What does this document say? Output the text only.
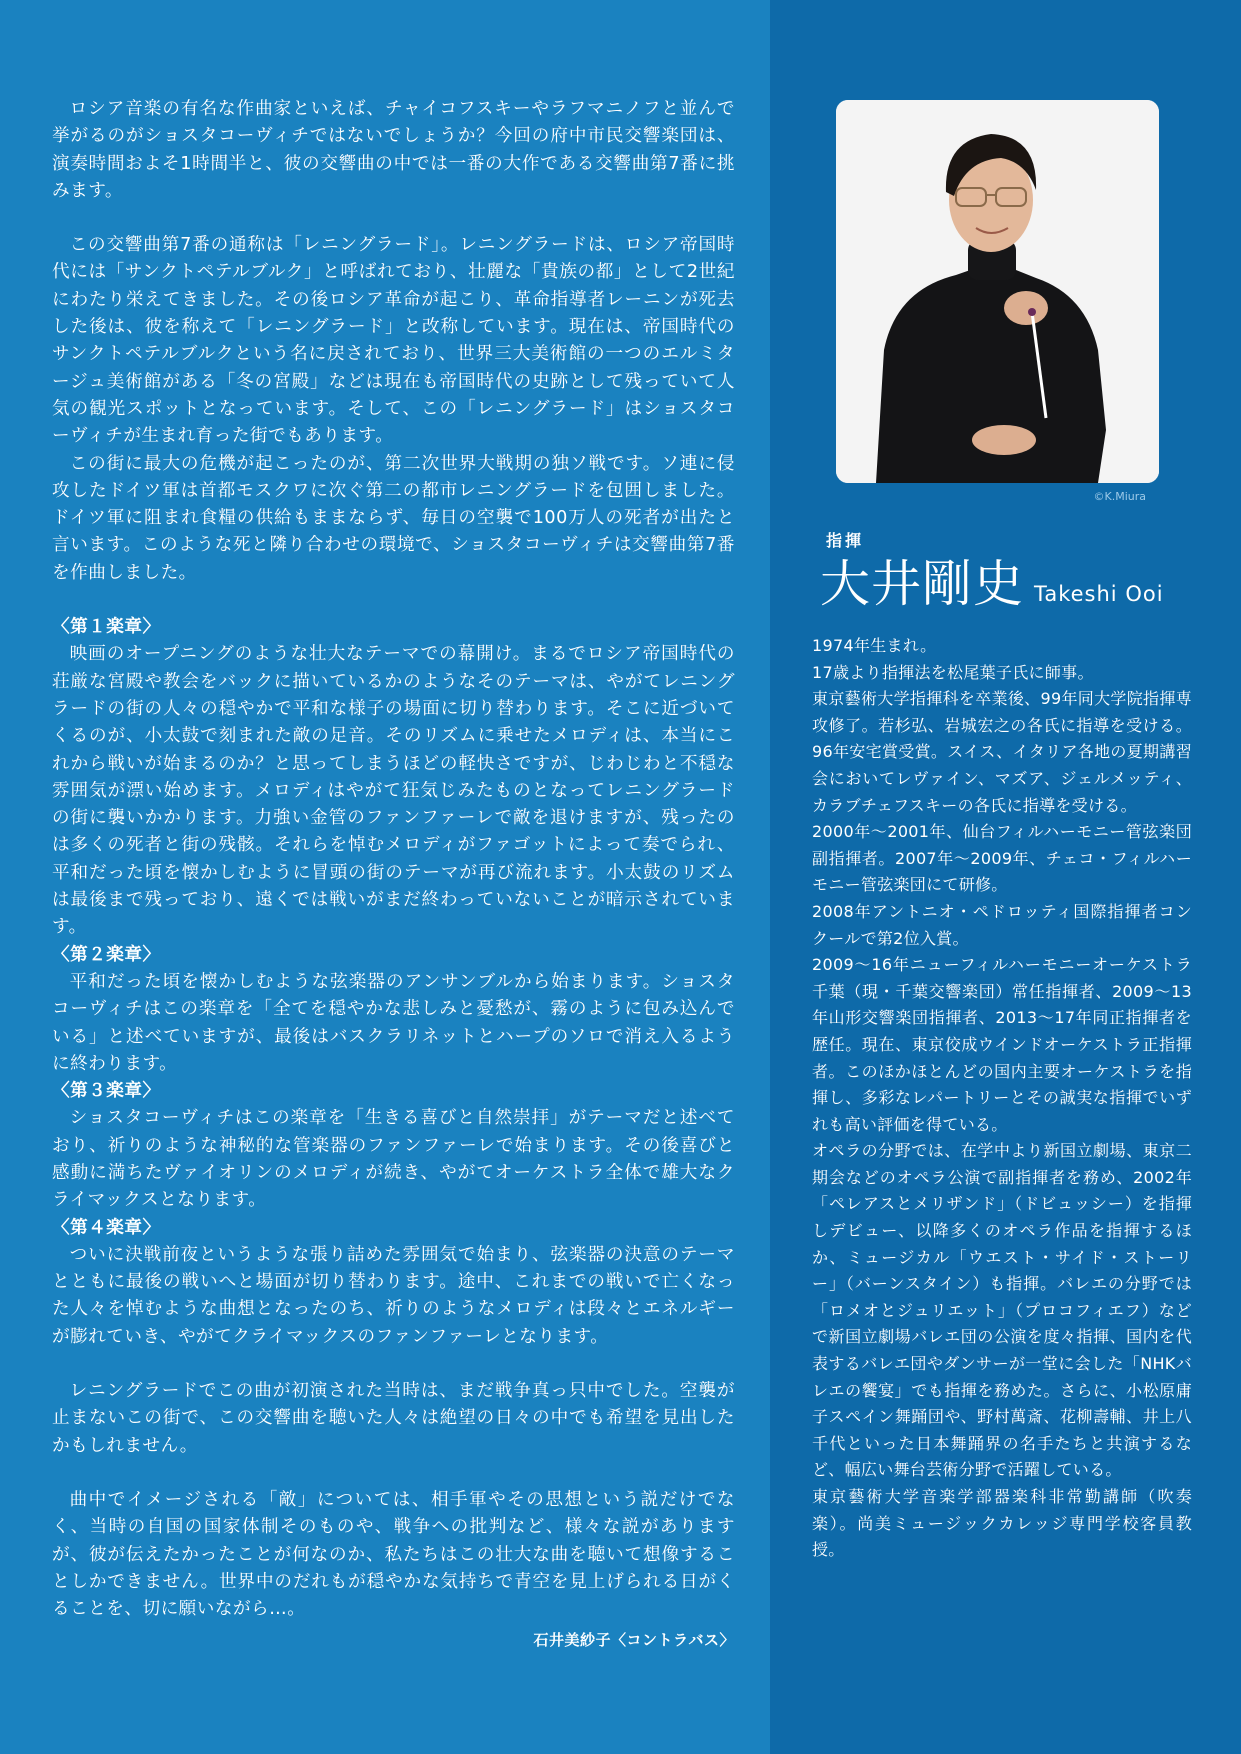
ロシア音楽の有名な作曲家といえば、チャイコフスキーやラフマニノフと並んで挙がるのがショスタコーヴィチではないでしょうか？今回の府中市民交響楽団は、演奏時間およそ1時間半と、彼の交響曲の中では一番の大作である交響曲第7番に挑みます。

この交響曲第7番の通称は「レニングラード」。レニングラードは、ロシア帝国時代には「サンクトペテルブルク」と呼ばれており、壮麗な「貴族の都」として2世紀にわたり栄えてきました。その後ロシア革命が起こり、革命指導者レーニンが死去した後は、彼を称えて「レニングラード」と改称しています。現在は、帝国時代のサンクトペテルブルクという名に戻されており、世界三大美術館の一つのエルミタージュ美術館がある「冬の宮殿」などは現在も帝国時代の史跡として残っていて人気の観光スポットとなっています。そして、この「レニングラード」はショスタコーヴィチが生まれ育った街でもあります。

この街に最大の危機が起こったのが、第二次世界大戦期の独ソ戦です。ソ連に侵攻したドイツ軍は首都モスクワに次ぐ第二の都市レニングラードを包囲しました。ドイツ軍に阻まれ食糧の供給もままならず、毎日の空襲で100万人の死者が出たと言います。このような死と隣り合わせの環境で、ショスタコーヴィチは交響曲第7番を作曲しました。

〈第１楽章〉

映画のオープニングのような壮大なテーマでの幕開け。まるでロシア帝国時代の荘厳な宮殿や教会をバックに描いているかのようなそのテーマは、やがてレニングラードの街の人々の穏やかで平和な様子の場面に切り替わります。そこに近づいてくるのが、小太鼓で刻まれた敵の足音。そのリズムに乗せたメロディは、本当にこれから戦いが始まるのか？と思ってしまうほどの軽快さですが、じわじわと不穏な雰囲気が漂い始めます。メロディはやがて狂気じみたものとなってレニングラードの街に襲いかかります。力強い金管のファンファーレで敵を退けますが、残ったのは多くの死者と街の残骸。それらを悼むメロディがファゴットによって奏でられ、平和だった頃を懐かしむように冒頭の街のテーマが再び流れます。小太鼓のリズムは最後まで残っており、遠くでは戦いがまだ終わっていないことが暗示されています。

〈第２楽章〉

平和だった頃を懐かしむような弦楽器のアンサンブルから始まります。ショスタコーヴィチはこの楽章を「全てを穏やかな悲しみと憂愁が、霧のように包み込んでいる」と述べていますが、最後はバスクラリネットとハープのソロで消え入るように終わります。

〈第３楽章〉

ショスタコーヴィチはこの楽章を「生きる喜びと自然崇拝」がテーマだと述べており、祈りのような神秘的な管楽器のファンファーレで始まります。その後喜びと感動に満ちたヴァイオリンのメロディが続き、やがてオーケストラ全体で雄大なクライマックスとなります。

〈第４楽章〉

ついに決戦前夜というような張り詰めた雰囲気で始まり、弦楽器の決意のテーマとともに最後の戦いへと場面が切り替わります。途中、これまでの戦いで亡くなった人々を悼むような曲想となったのち、祈りのようなメロディは段々とエネルギーが膨れていき、やがてクライマックスのファンファーレとなります。

レニングラードでこの曲が初演された当時は、まだ戦争真っ只中でした。空襲が止まないこの街で、この交響曲を聴いた人々は絶望の日々の中でも希望を見出したかもしれません。

曲中でイメージされる「敵」については、相手軍やその思想という説だけでなく、当時の自国の国家体制そのものや、戦争への批判など、様々な説がありますが、彼が伝えたかったことが何なのか、私たちはこの壮大な曲を聴いて想像することしかできません。世界中のだれもが穏やかな気持ちで青空を見上げられる日がくることを、切に願いながら…。

石井美紗子〈コントラバス〉
©K.Miura
指揮
大井剛史 Takeshi Ooi

1974年生まれ。

17歳より指揮法を松尾葉子氏に師事。

東京藝術大学指揮科を卒業後、99年同大学院指揮専攻修了。若杉弘、岩城宏之の各氏に指導を受ける。96年安宅賞受賞。スイス、イタリア各地の夏期講習会においてレヴァイン、マズア、ジェルメッティ、カラブチェフスキーの各氏に指導を受ける。

2000年〜2001年、仙台フィルハーモニー管弦楽団副指揮者。2007年〜2009年、チェコ・フィルハーモニー管弦楽団にて研修。

2008年アントニオ・ペドロッティ国際指揮者コンクールで第2位入賞。

2009〜16年ニューフィルハーモニーオーケストラ千葉（現・千葉交響楽団）常任指揮者、2009〜13年山形交響楽団指揮者、2013〜17年同正指揮者を歴任。現在、東京佼成ウインドオーケストラ正指揮者。このほかほとんどの国内主要オーケストラを指揮し、多彩なレパートリーとその誠実な指揮でいずれも高い評価を得ている。

オペラの分野では、在学中より新国立劇場、東京二期会などのオペラ公演で副指揮者を務め、2002年「ペレアスとメリザンド」（ドビュッシー）を指揮しデビュー、以降多くのオペラ作品を指揮するほか、ミュージカル「ウエスト・サイド・ストーリー」（バーンスタイン）も指揮。バレエの分野では「ロメオとジュリエット」（プロコフィエフ）などで新国立劇場バレエ団の公演を度々指揮、国内を代表するバレエ団やダンサーが一堂に会した「NHKバレエの饗宴」でも指揮を務めた。さらに、小松原庸子スペイン舞踊団や、野村萬斎、花柳壽輔、井上八千代といった日本舞踊界の名手たちと共演するなど、幅広い舞台芸術分野で活躍している。

東京藝術大学音楽学部器楽科非常勤講師（吹奏楽）。尚美ミュージックカレッジ専門学校客員教授。
